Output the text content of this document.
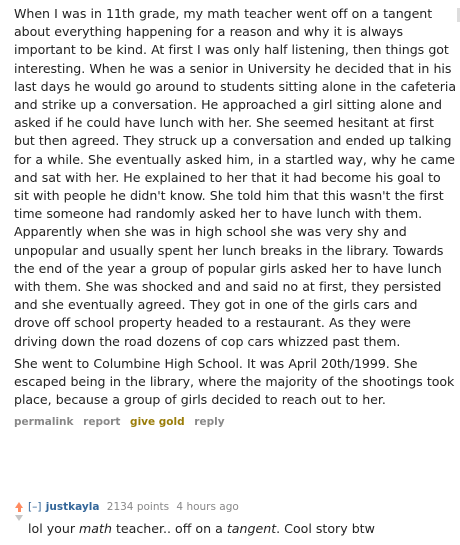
When I was in 11th grade, my math teacher went off on a tangent about everything happening for a reason and why it is always important to be kind. At first I was only half listening, then things got interesting. When he was a senior in University he decided that in his last days he would go around to students sitting alone in the cafeteria and strike up a conversation. He approached a girl sitting alone and asked if he could have lunch with her. She seemed hesitant at first but then agreed. They struck up a conversation and ended up talking for a while. She eventually asked him, in a startled way, why he came and sat with her. He explained to her that it had become his goal to sit with people he didn't know. She told him that this wasn't the first time someone had randomly asked her to have lunch with them. Apparently when she was in high school she was very shy and unpopular and usually spent her lunch breaks in the library. Towards the end of the year a group of popular girls asked her to have lunch with them. She was shocked and and said no at first, they persisted and she eventually agreed. They got in one of the girls cars and drove off school property headed to a restaurant. As they were driving down the road dozens of cop cars whizzed past them.

She went to Columbine High School. It was April 20th/1999. She escaped being in the library, where the majority of the shootings took place, because a group of girls decided to reach out to her.

permalink report give gold reply
[–] justkayla 2134 points 4 hours ago
lol your math teacher.. off on a tangent. Cool story btw
